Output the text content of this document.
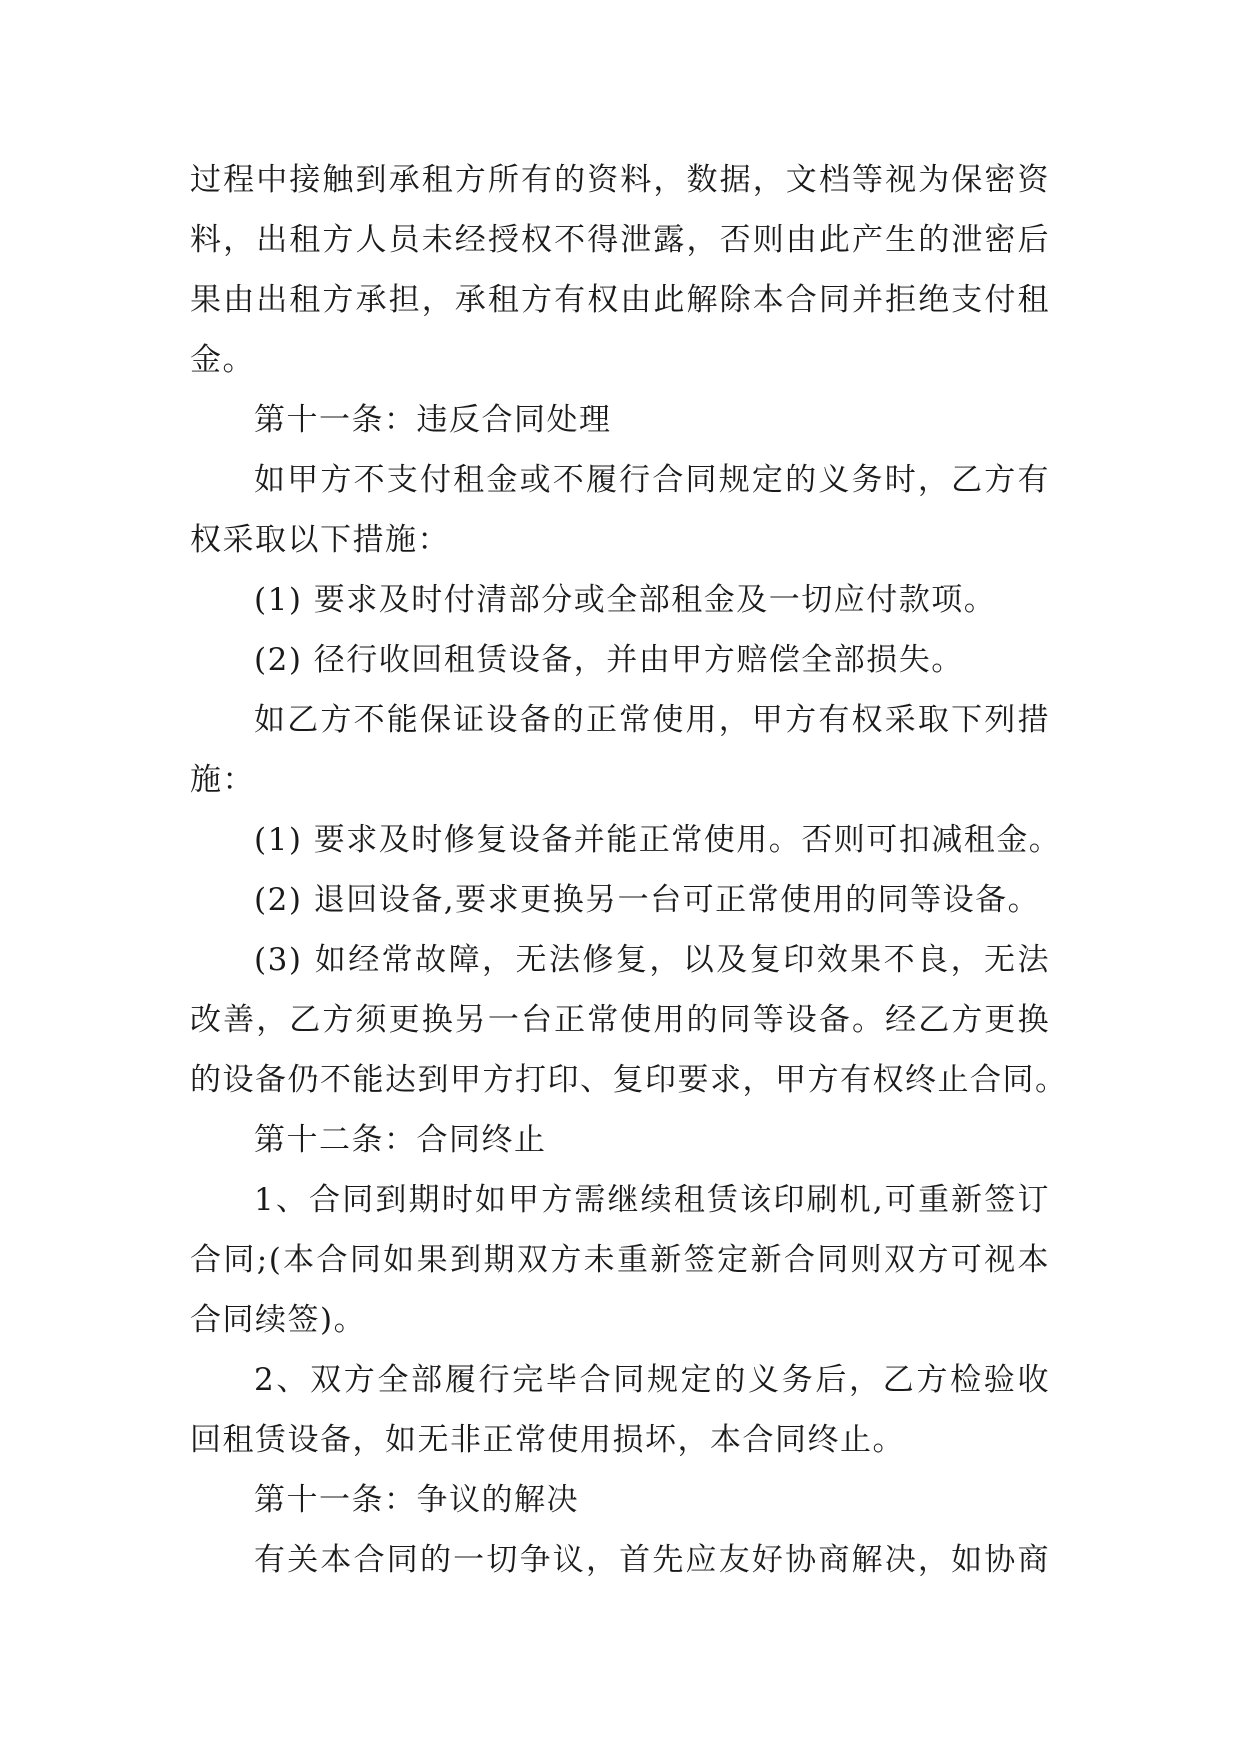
过程中接触到承租方所有的资料，数据，文档等视为保密资
料，出租方人员未经授权不得泄露，否则由此产生的泄密后
果由出租方承担，承租方有权由此解除本合同并拒绝支付租
金。
第十一条：违反合同处理
如甲方不支付租金或不履行合同规定的义务时，乙方有
权采取以下措施：
(1) 要求及时付清部分或全部租金及一切应付款项。
(2) 径行收回租赁设备，并由甲方赔偿全部损失。
如乙方不能保证设备的正常使用，甲方有权采取下列措
施：
(1) 要求及时修复设备并能正常使用。否则可扣减租金。
(2) 退回设备,要求更换另一台可正常使用的同等设备。
(3) 如经常故障，无法修复，以及复印效果不良，无法
改善，乙方须更换另一台正常使用的同等设备。经乙方更换
的设备仍不能达到甲方打印、复印要求，甲方有权终止合同。
第十二条：合同终止
1、合同到期时如甲方需继续租赁该印刷机,可重新签订
合同;(本合同如果到期双方未重新签定新合同则双方可视本
合同续签)。
2、双方全部履行完毕合同规定的义务后，乙方检验收
回租赁设备，如无非正常使用损坏，本合同终止。
第十一条：争议的解决
有关本合同的一切争议，首先应友好协商解决，如协商
